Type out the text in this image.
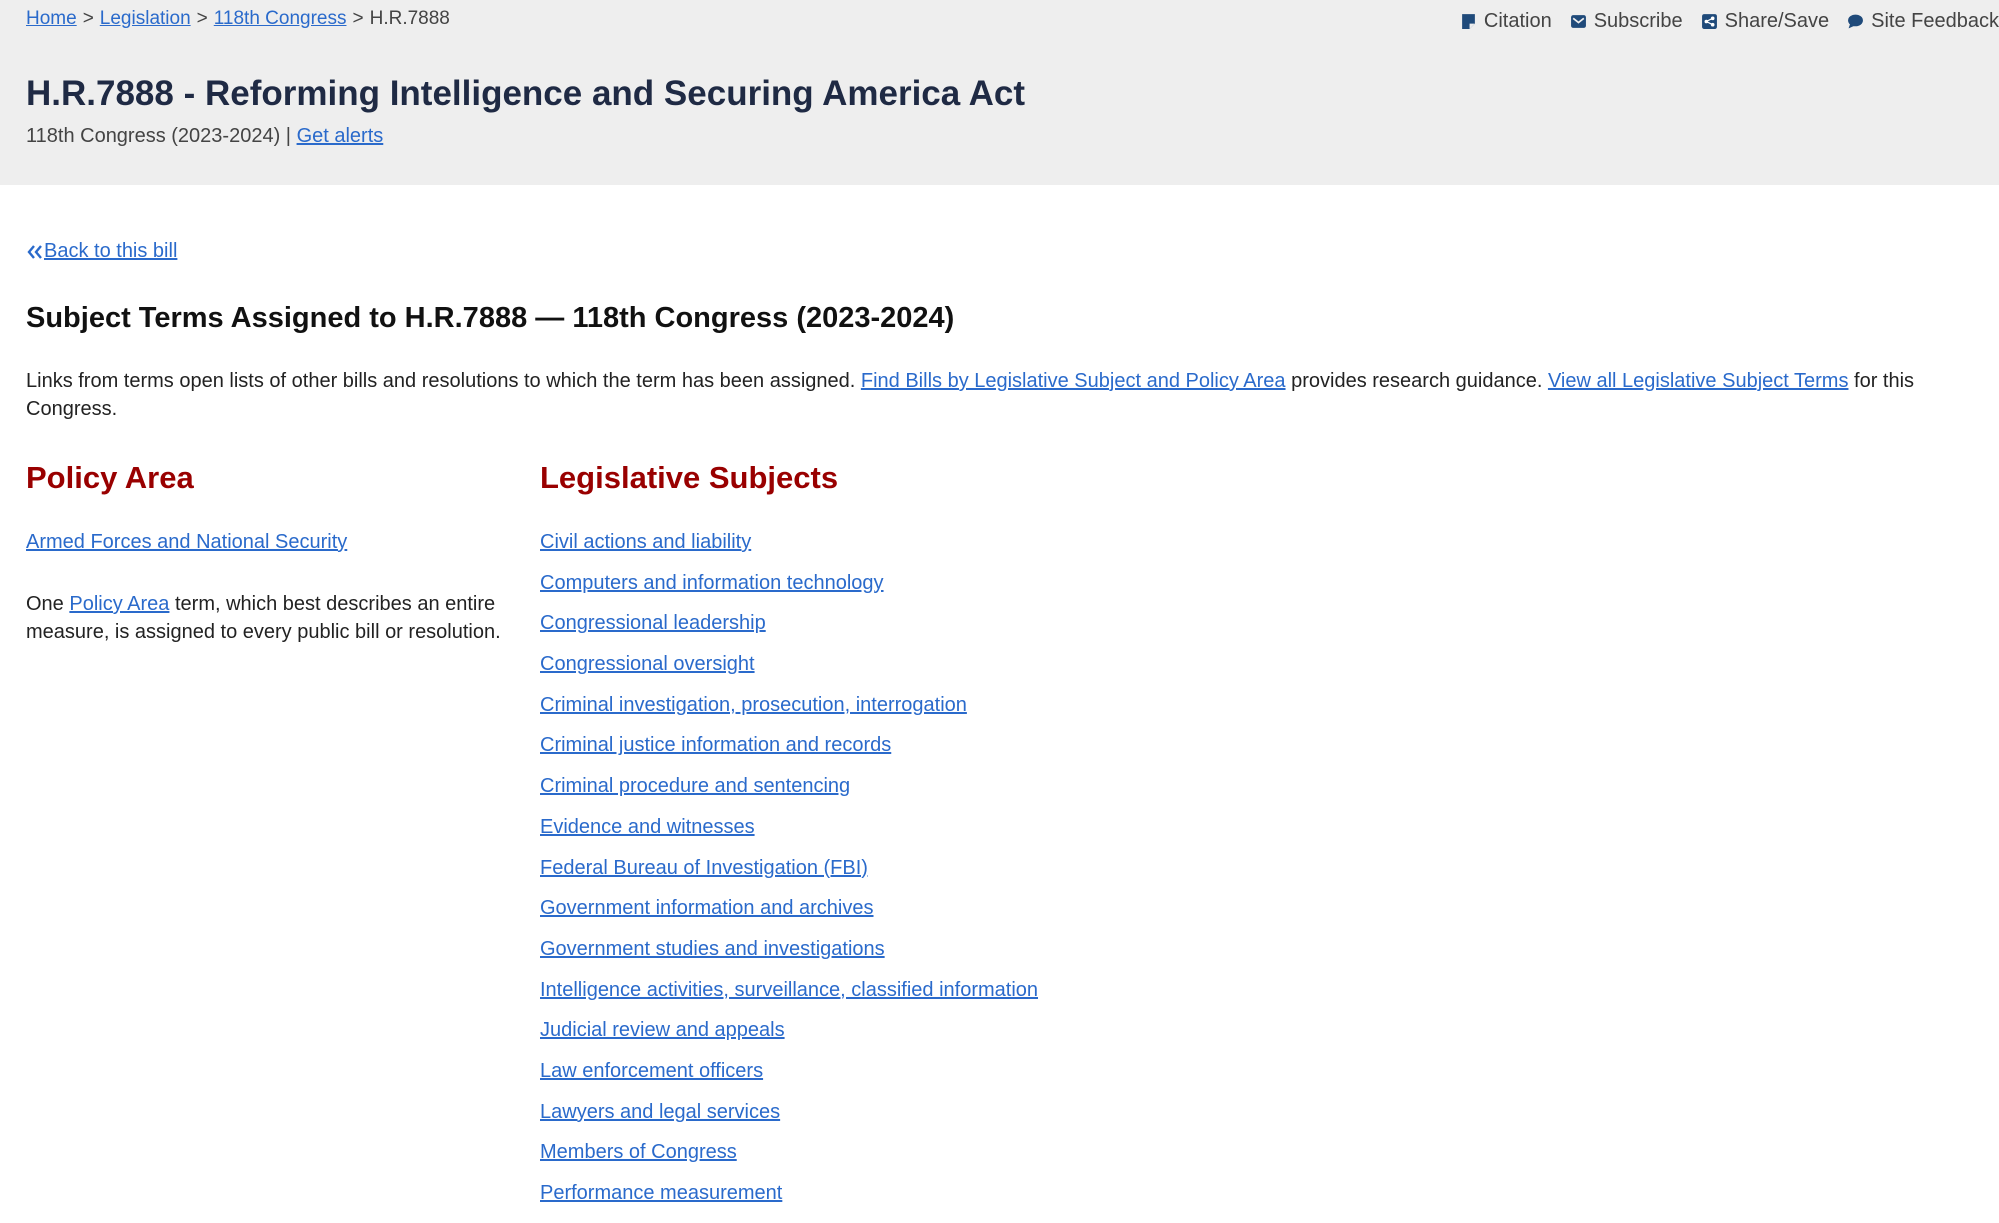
Home > Legislation > 118th Congress > H.R.7888	Citation Subscribe Share/Save Site Feedback
H.R.7888 - Reforming Intelligence and Securing America Act
118th Congress (2023-2024) | Get alerts
Back to this bill
Subject Terms Assigned to H.R.7888 — 118th Congress (2023-2024)
Links from terms open lists of other bills and resolutions to which the term has been assigned. Find Bills by Legislative Subject and Policy Area provides research guidance. View all Legislative Subject Terms for this Congress.
Policy Area
Armed Forces and National Security
One Policy Area term, which best describes an entire measure, is assigned to every public bill or resolution.
Legislative Subjects
Civil actions and liability
Computers and information technology
Congressional leadership
Congressional oversight
Criminal investigation, prosecution, interrogation
Criminal justice information and records
Criminal procedure and sentencing
Evidence and witnesses
Federal Bureau of Investigation (FBI)
Government information and archives
Government studies and investigations
Intelligence activities, surveillance, classified information
Judicial review and appeals
Law enforcement officers
Lawyers and legal services
Members of Congress
Performance measurement
